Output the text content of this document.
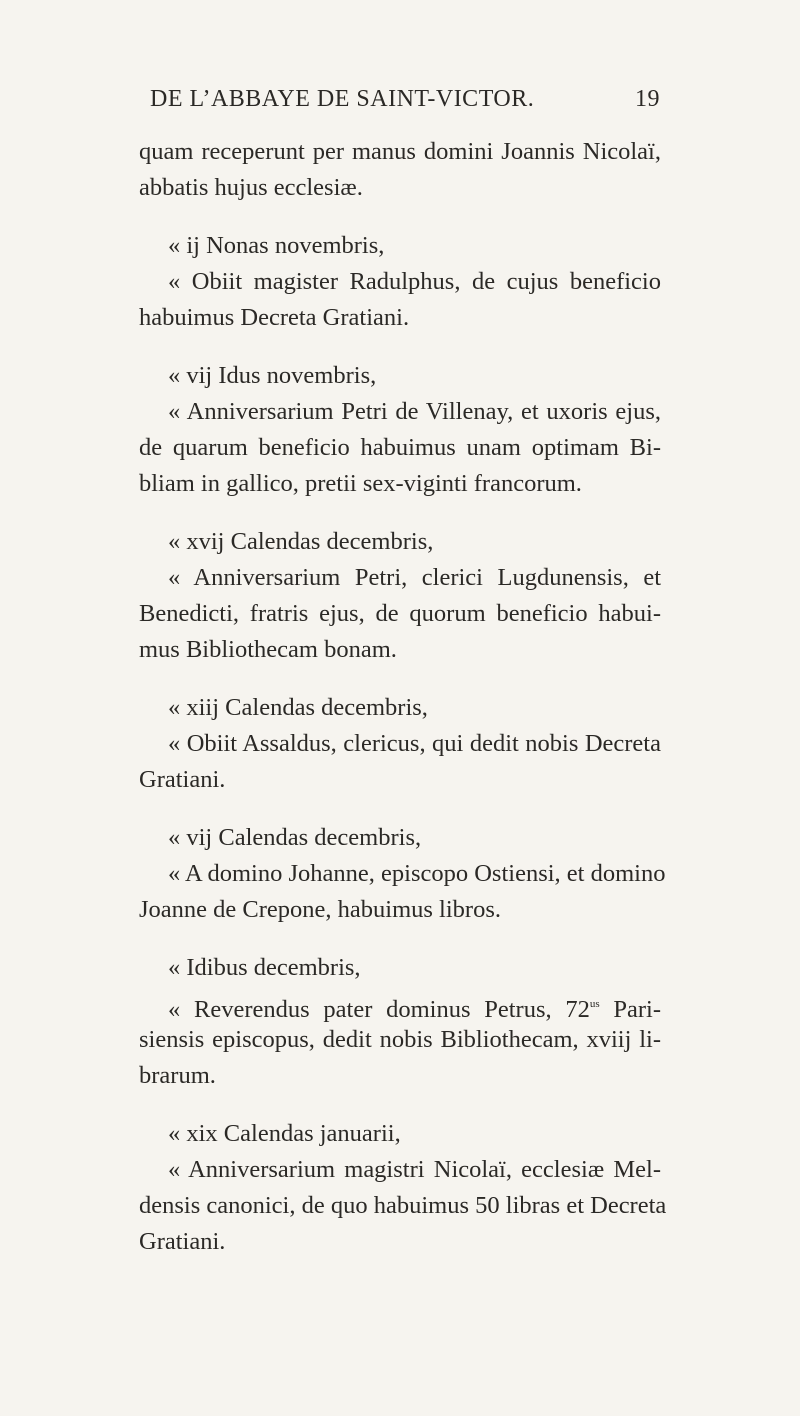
DE L’ABBAYE DE SAINT-VICTOR.	19
quam receperunt per manus domini Joannis Nicolaï,
abbatis hujus ecclesiæ.
« ij Nonas novembris,
« Obiit magister Radulphus, de cujus beneficio
habuimus Decreta Gratiani.
« vij Idus novembris,
« Anniversarium Petri de Villenay, et uxoris ejus,
de quarum beneficio habuimus unam optimam Bi-
bliam in gallico, pretii sex-viginti francorum.
« xvij Calendas decembris,
« Anniversarium Petri, clerici Lugdunensis, et
Benedicti, fratris ejus, de quorum beneficio habui-
mus Bibliothecam bonam.
« xiij Calendas decembris,
« Obiit Assaldus, clericus, qui dedit nobis Decreta
Gratiani.
« vij Calendas decembris,
« A domino Johanne, episcopo Ostiensi, et domino
Joanne de Crepone, habuimus libros.
« Idibus decembris,
« Reverendus pater dominus Petrus, $72^{us}$ Pari-
siensis episcopus, dedit nobis Bibliothecam, xviij li-
brarum.
« xix Calendas januarii,
« Anniversarium magistri Nicolaï, ecclesiæ Mel-
densis canonici, de quo habuimus 50 libras et Decreta
Gratiani.
